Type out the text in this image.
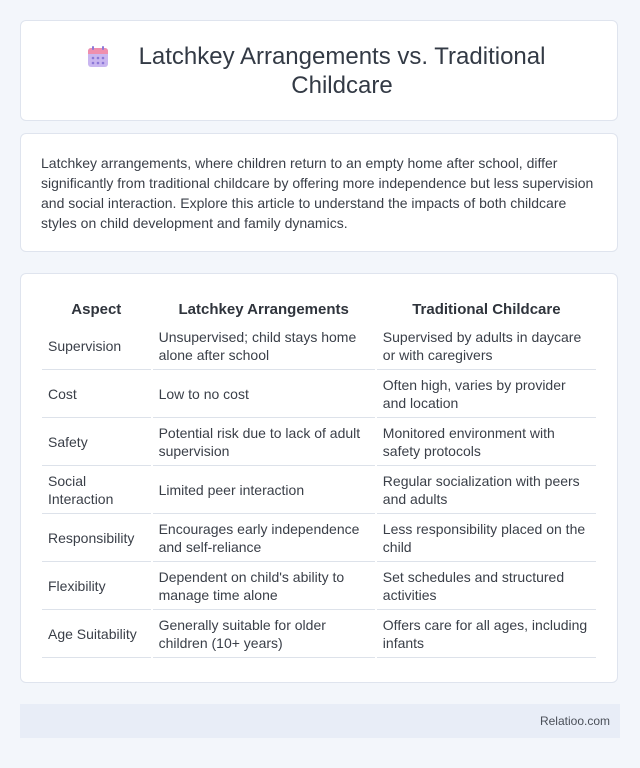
Latchkey Arrangements vs. Traditional Childcare

Latchkey arrangements, where children return to an empty home after school, differ significantly from traditional childcare by offering more independence but less supervision and social interaction. Explore this article to understand the impacts of both childcare styles on child development and family dynamics.

Aspect	Latchkey Arrangements	Traditional Childcare
Supervision	Unsupervised; child stays home alone after school	Supervised by adults in daycare or with caregivers
Cost	Low to no cost	Often high, varies by provider and location
Safety	Potential risk due to lack of adult supervision	Monitored environment with safety protocols
Social Interaction	Limited peer interaction	Regular socialization with peers and adults
Responsibility	Encourages early independence and self-reliance	Less responsibility placed on the child
Flexibility	Dependent on child's ability to manage time alone	Set schedules and structured activities
Age Suitability	Generally suitable for older children (10+ years)	Offers care for all ages, including infants
Relatioo.com
